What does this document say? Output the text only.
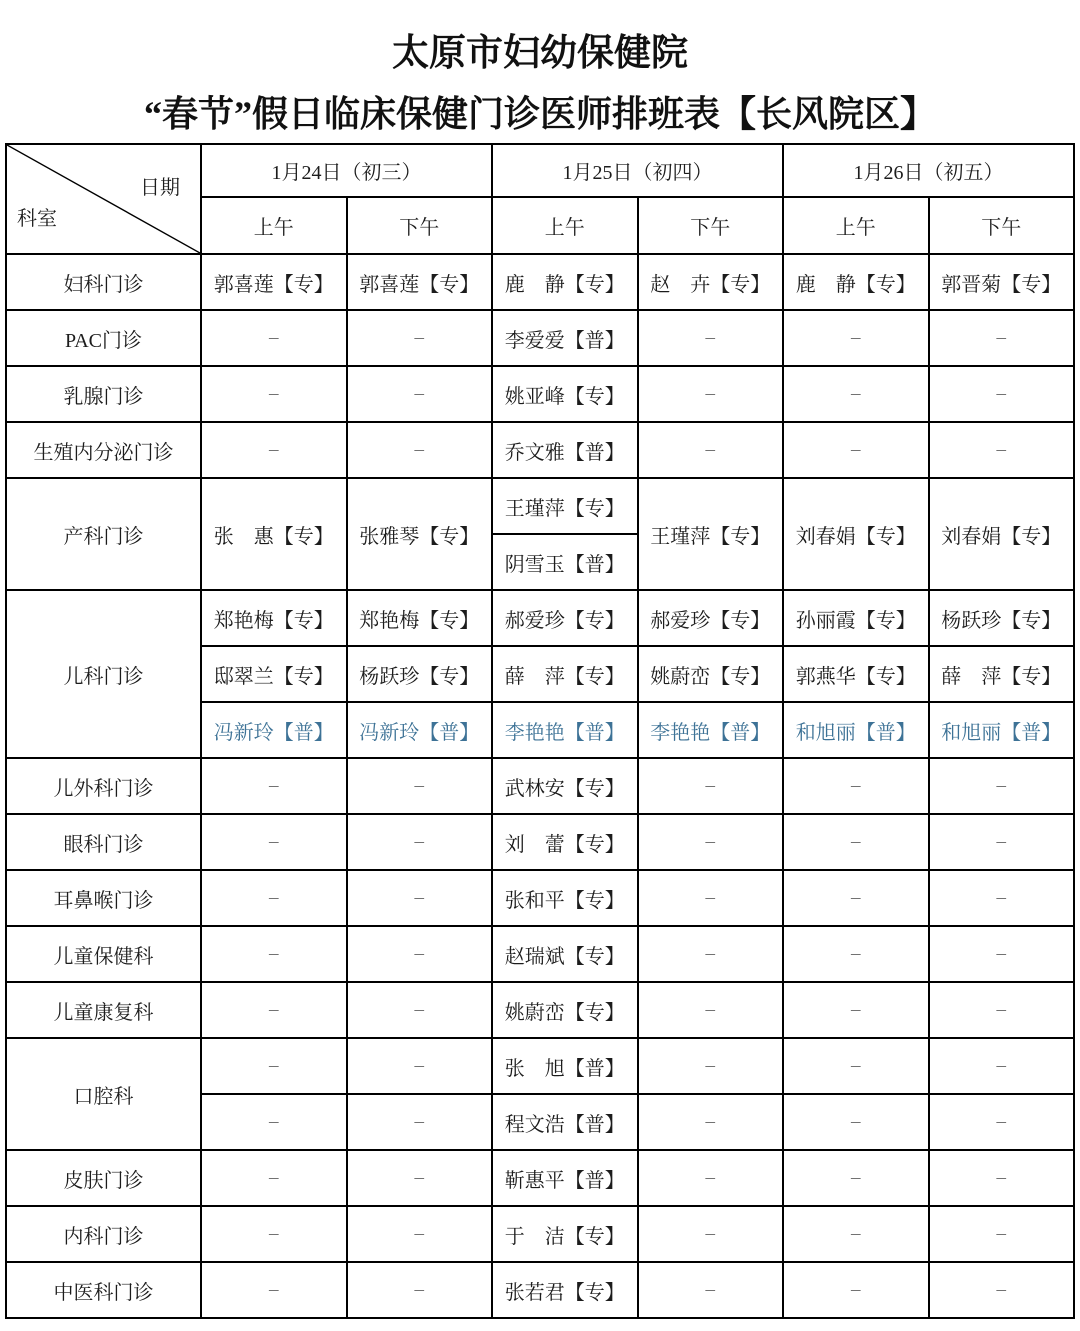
太原市妇幼保健院
“春节”假日临床保健门诊医师排班表【长风院区】
日期
科室	1月24日（初三）		1月25日（初四）		1月26日（初五）	
	上午	下午	上午	下午	上午	下午
妇科门诊	郭喜莲【专】	郭喜莲【专】	鹿　静【专】	赵　卉【专】	鹿　静【专】	郭晋菊【专】
PAC门诊	–	–	李爱爱【普】	–	–	–
乳腺门诊	–	–	姚亚峰【专】	–	–	–
生殖内分泌门诊	–	–	乔文雅【普】	–	–	–
产科门诊	张　惠【专】	张雅琴【专】	王瑾萍【专】	王瑾萍【专】	刘春娟【专】	刘春娟【专】
			阴雪玉【普】			
儿科门诊	郑艳梅【专】	郑艳梅【专】	郝爱珍【专】	郝爱珍【专】	孙丽霞【专】	杨跃珍【专】
	邸翠兰【专】	杨跃珍【专】	薛　萍【专】	姚蔚峦【专】	郭燕华【专】	薛　萍【专】
	冯新玲【普】	冯新玲【普】	李艳艳【普】	李艳艳【普】	和旭丽【普】	和旭丽【普】
儿外科门诊	–	–	武林安【专】	–	–	–
眼科门诊	–	–	刘　蕾【专】	–	–	–
耳鼻喉门诊	–	–	张和平【专】	–	–	–
儿童保健科	–	–	赵瑞斌【专】	–	–	–
儿童康复科	–	–	姚蔚峦【专】	–	–	–
口腔科	–	–	张　旭【普】	–	–	–
	–	–	程文浩【普】	–	–	–
皮肤门诊	–	–	靳惠平【普】	–	–	–
内科门诊	–	–	于　洁【专】	–	–	–
中医科门诊	–	–	张若君【专】	–	–	–
